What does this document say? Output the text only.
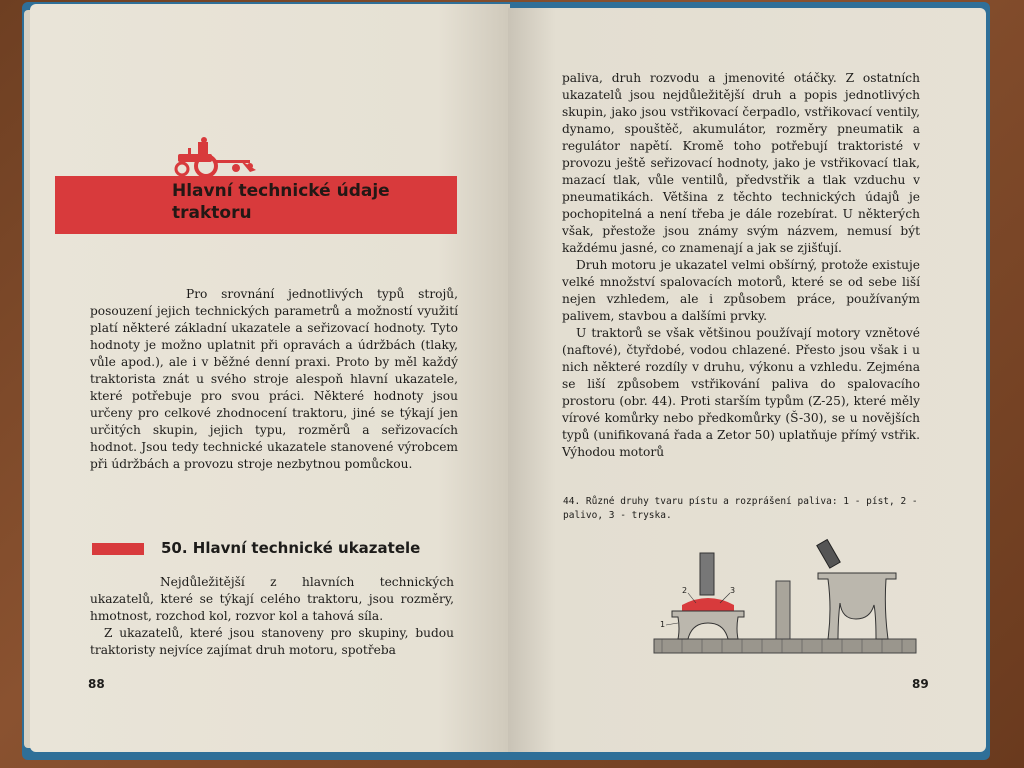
Hlavní technické údaje traktoru

Pro srovnání jednotlivých typů strojů, posouzení jejich technických parametrů a možností využití platí některé základní ukazatele a seřizovací hodnoty. Tyto hodnoty je možno uplatnit při opravách a údržbách (tlaky, vůle apod.), ale i v běžné denní praxi. Proto by měl každý traktorista znát u svého stroje alespoň hlavní ukazatele, které potřebuje pro svou práci. Některé hodnoty jsou určeny pro celkové zhodnocení traktoru, jiné se týkají jen určitých skupin, jejich typu, rozměrů a seřizovacích hodnot. Jsou tedy technické ukazatele stanovené výrobcem při údržbách a provozu stroje nezbytnou pomůckou.

50. Hlavní technické ukazatele

Nejdůležitější z hlavních technických ukazatelů, které se týkají celého traktoru, jsou rozměry, hmotnost, rozchod kol, rozvor kol a tahová síla.

Z ukazatelů, které jsou stanoveny pro skupiny, budou traktoristy nejvíce zajímat druh motoru, spotřeba

88

paliva, druh rozvodu a jmenovité otáčky. Z ostatních ukazatelů jsou nejdůležitější druh a popis jednotlivých skupin, jako jsou vstřikovací čerpadlo, vstřikovací ventily, dynamo, spouštěč, akumulátor, rozměry pneumatik a regulátor napětí. Kromě toho potřebují traktoristé v provozu ještě seřizovací hodnoty, jako je vstřikovací tlak, mazací tlak, vůle ventilů, předvstřik a tlak vzduchu v pneumatikách. Většina z těchto technických údajů je pochopitelná a není třeba je dále rozebírat. U některých však, přestože jsou známy svým názvem, nemusí být každému jasné, co znamenají a jak se zjišťují.

Druh motoru je ukazatel velmi obšírný, protože existuje velké množství spalovacích motorů, které se od sebe liší nejen vzhledem, ale i způsobem práce, používaným palivem, stavbou a dalšími prvky.

U traktorů se však většinou používají motory vznětové (naftové), čtyřdobé, vodou chlazené. Přesto jsou však i u nich některé rozdíly v druhu, výkonu a vzhledu. Zejména se liší způsobem vstřikování paliva do spalovacího prostoru (obr. 44). Proti starším typům (Z-25), které měly vírové komůrky nebo předkomůrky (Š-30), se u novějších typů (unifikovaná řada a Zetor 50) uplatňuje přímý vstřik. Výhodou motorů

44. Různé druhy tvaru pístu a rozprášení paliva: 1 - píst, 2 - palivo, 3 - tryska.
2	3
1
89
